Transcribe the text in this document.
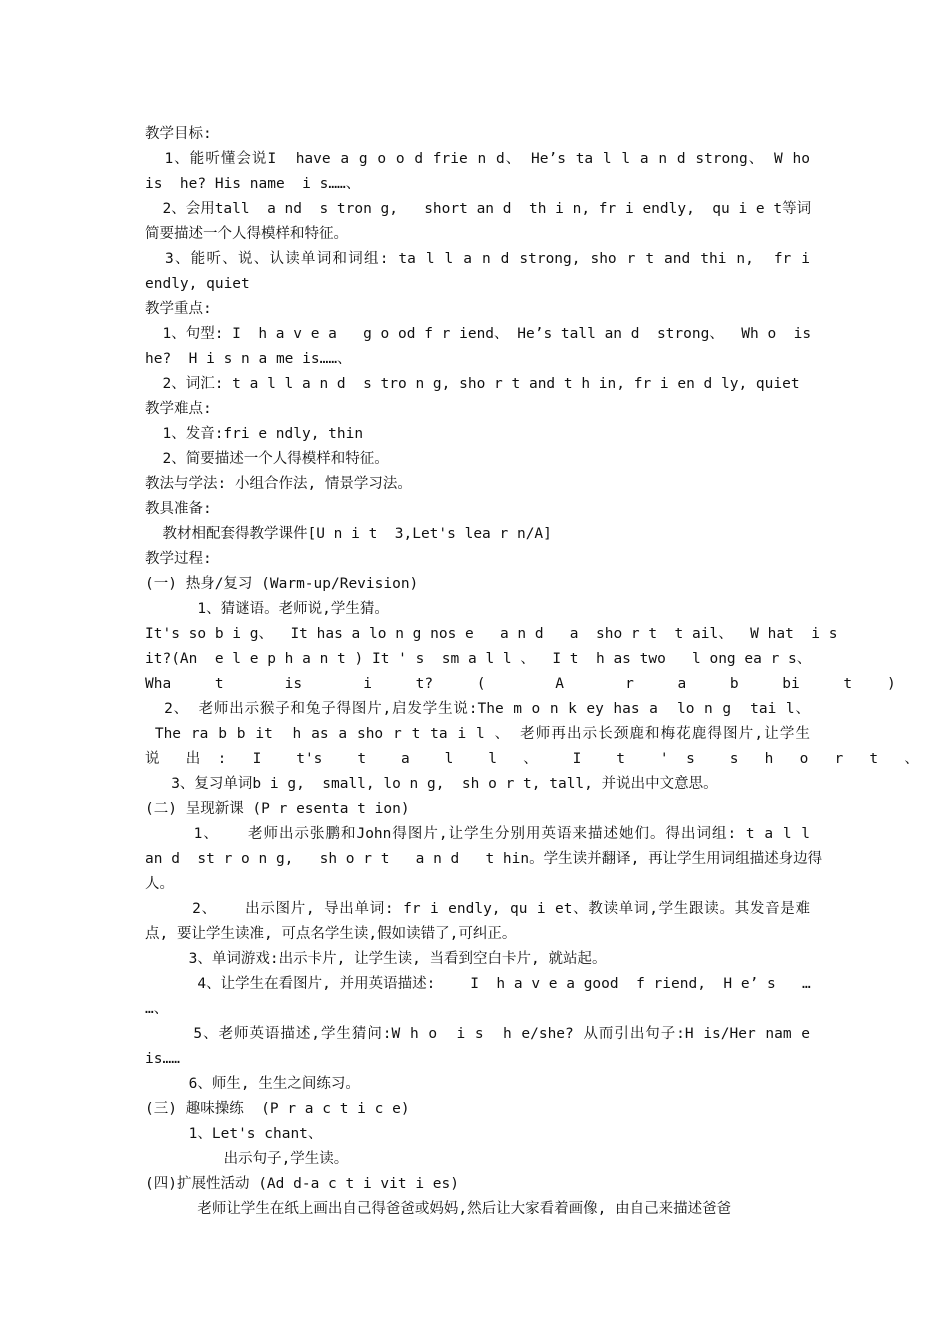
教学目标:
1、能听懂会说I  have a g o o d frie n d、 He’s ta l l a n d strong、 W ho
is  he? His name  i s……、
2、会用tall  a nd  s tron g,   short an d  th i n, fr i endly,  qu i e t等词
简要描述一个人得模样和特征。
3、能听、说、认读单词和词组: ta l l a n d strong, sho r t and thi n,  fr i
endly, quiet
教学重点:
1、句型: I  h a v e a   g o od f r iend、 He’s tall an d  strong、  Wh o  is
he?  H i s n a me is……、
2、词汇: t a l l a n d  s tro n g, sho r t and t h in, fr i en d ly, quiet
教学难点:
1、发音:fri e ndly, thin
2、简要描述一个人得模样和特征。
教法与学法: 小组合作法, 情景学习法。
教具准备:
教材相配套得教学课件[U n i t  3,Let's lea r n/A]
教学过程:
(一) 热身/复习 (Warm-up/Revision)
1、猜谜语。老师说,学生猜。
It's so b i g、  It has a lo n g nos e   a n d   a  sho r t  t ail、  W hat  i s
it?(An  e l e p h a n t ) It ' s  sm a l l 、  I t  h as two   l ong ea r s、
Wha     t       is       i     t?     (        A       r     a     b     bi     t    )
2、 老师出示猴子和兔子得图片,启发学生说:The m o n k ey has a  lo n g  tai l、
The ra b b it  h as a sho r t ta i l 、 老师再出示长颈鹿和梅花鹿得图片,让学生
说   出  :   I    t's    t    a    l    l   、    I    t    '  s    s   h   o   r   t   、
3、复习单词b i g,  small, lo n g,  sh o r t, tall, 并说出中文意思。
(二) 呈现新课 (P r esenta t ion)
1、   老师出示张鹏和John得图片,让学生分别用英语来描述她们。得出词组: t a l l
an d  st r o n g,   sh o r t   a n d   t hin。学生读并翻译, 再让学生用词组描述身边得
人。
2、   出示图片, 导出单词: fr i endly, qu i et、教读单词,学生跟读。其发音是难
点, 要让学生读准, 可点名学生读,假如读错了,可纠正。
3、单词游戏:出示卡片, 让学生读, 当看到空白卡片, 就站起。
4、让学生在看图片, 并用英语描述:    I  h a v e a good  f riend,  H e’ s   …
…、
5、老师英语描述,学生猜问:W h o  i s  h e/she? 从而引出句子:H is/Her nam e
is……
6、师生, 生生之间练习。
(三) 趣味操练  (P r a c t i c e)
1、Let's chant、
出示句子,学生读。
(四)扩展性活动 (Ad d-a c t i vit i es)
老师让学生在纸上画出自己得爸爸或妈妈,然后让大家看着画像, 由自己来描述爸爸
